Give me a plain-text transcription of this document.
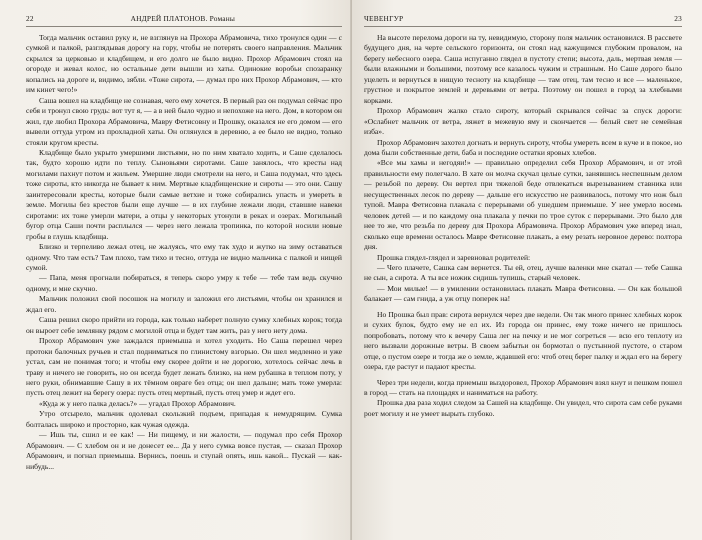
22	АНДРЕЙ ПЛАТОНОВ. Романы

Тогда мальчик оставил руку и, не взглянув на Прохора Абрамовича, тихо тронулся один — с сумкой и палкой, разглядывая дорогу на гору, чтобы не потерять своего направления. Мальчик скрылся за церковью и кладбищем, и его долго не было видно. Прохор Абрамович стоял на огороде и жевал колос, но остальные дети вышли из хаты. Одинокие воробьи спозаранку копались на дороге и, видимо, зябли. «Тоже сирота, — думал про них Прохор Абрамович, — кто им кинет чего!»

Саша вошел на кладбище не сознавая, чего ему хочется. В первый раз он подумал сейчас про себя и тронул свою грудь: вот тут я, — а в ней было чудно и непохоже на него. Дом, в котором он жил, где любил Прохора Абрамовича, Мавру Фетисовну и Прошку, оказался не его домом — его вывели оттуда утром из прохладной хаты. Он оглянулся в деревню, а ее было не видно, только стояли кругом кресты.

Кладбище было укрыто умершими листьями, но по ним хватало ходить, и Саше сделалось так, будто хорошо идти по теплу. Сыновьями сиротами. Саше занялось, что кресты над могилами пахнут потом и жильем. Умершие люди смотрели на него, и Саша подумал, что здесь тоже сироты, кто никогда не бывает к ним. Мертвые кладбищенские и сироты — это они. Сашу заинтересовали кресты, которые были самые ветхие и тоже собирались упасть и умереть в земле. Могилы без крестов были еще лучше — в их глубине лежали люди, ставшие навеки сиротами: их тоже умерли матери, а отцы у некоторых утонули в реках и озерах. Могильный бугор отца Саши почти расплылся — через него лежала тропинка, по которой носили новые гробы в глушь кладбища.

Близко и терпеливо лежал отец, не жалуясь, что ему так худо и жутко на зиму оставаться одному. Что там есть? Там плохо, там тихо и тесно, оттуда не видно мальчика с палкой и нищей сумой.

— Папа, меня прогнали побираться, я теперь скоро умру к тебе — тебе там ведь скучно одному, и мне скучно.

Мальчик положил свой посошок на могилу и заложил его листьями, чтобы он хранился и ждал его.

Саша решил скоро прийти из города, как только наберет полную сумку хлебных корок; тогда он выроет себе землянку рядом с могилой отца и будет там жить, раз у него нету дома.

Прохор Абрамович уже заждался приемыша и хотел уходить. Но Саша перешел через протоки балочных ручьев и стал подниматься по глинистому взгорью. Он шел медленно и уже устал, сам не понимая того; и чтобы ему скорее дойти и не дорогою, хотелось сейчас лечь в траву и ничего не говорить, но он всегда будет лежать близко, на нем рубашка в теплом поту, у него руки, обнимавшие Сашу в их тёмном овраге без отца; он шел дальше; мать тоже умерла: пусть отец лежит на берегу озера: пусть отец мертвый, пусть отец умер и ждет его.

«Куда ж у него палка делась?» — угадал Прохор Абрамович.

Утро отсырело, мальчик одолевал скользкий подъем, припадая к немудрящим. Сумка болталась широко и просторно, как чужая одежда.

— Ишь ты, сшил и ее как! — Ни пищему, и ни жалости, — подумал про себя Прохор Абрамович. — С хлебом он и не донесет ее... Да у него сумка вовсе пустая, — сказал Прохор Абрамович, и погнал приемыша. Вернись, поешь и ступай опять, ишь какой... Пускай — как-нибудь...

ЧЕВЕНГУР	23

На высоте перелома дороги на ту, невидимую, сторону поля мальчик остановился. В рассвете будущего дня, на черте сельского горизонта, он стоял над кажущимся глубоким провалом, на берегу небесного озера. Саша испуганно глядел в пустоту степи; высота, даль, мертвая земля — были влажными и большими, поэтому все казалось чужим и страшным. Но Саше дорого было уцелеть и вернуться в нищую тесноту на кладбище — там отец, там тесно и все — маленькое, грустное и покрытое землей и деревьями от ветра. Поэтому он пошел в город за хлебными корками.

Прохор Абрамович жалко стало сироту, который скрывался сейчас за спуск дороги: «Ослабнет мальчик от ветра, ляжет в межевую яму и скончается — белый свет не семейная изба».

Прохор Абрамович захотел догнать и вернуть сироту, чтобы умереть всем в куче и в покое, но дома были собственные дети, баба и последние остатки яровых хлебов.

«Все мы хамы и негодяи!» — правильно определил себя Прохор Абрамович, и от этой правильности ему полегчало. В хате он молча скучал целые сутки, занявшись неспешным делом — резьбой по дереву. Он вертел при тяжелой беде отвлекаться вырезыванием ставника или несущественных лесок по дереву — дальше его искусство не развивалось, потому что нож был тупой. Мавра Фетисовна плакала с перерывами об ушедшем приемыше. У нее умерло восемь человек детей — и по каждому она плакала у печки по трое суток с перерывами. Это было для нее то же, что резьба по дереву для Прохора Абрамовича. Прохор Абрамович уже вперед знал, сколько еще времени осталось Мавре Фетисовне плакать, а ему резать неровное дерево: полтора дня.

Прошка глядел-глядел и заревновал родителей:

— Чего плачете, Сашка сам вернется. Ты ей, отец, лучше валенки мне скатал — тебе Сашка не сын, а сирота. А ты все ножик сидишь тупишь, старый человек.

— Мои милые! — в умилении остановилась плакать Мавра Фетисовна. — Он как большой балакает — сам гнида, а уж отцу поперек на!

Но Прошка был прав: сирота вернулся через две недели. Он так много принес хлебных корок и сухих булок, будто ему не ел их. Из города он принес, ему тоже ничего не пришлось попробовать, потому что к вечеру Саша лег на печку и не мог согреться — всю его теплоту из него вызвали дорожные ветры. В своем забытьи он бормотал о пустынной пустоте, о старом отце, о пустом озере и тогда же о земле, ждавшей его: чтоб отец берег палку и ждал его на берегу озера, где растут и падают кресты.

Через три недели, когда приемыш выздоровел, Прохор Абрамович взял кнут и пешком пошел в город — стать на площадях и наниматься на работу.

Прошка два раза ходил следом за Сашей на кладбище. Он увидел, что сирота сам себе руками роет могилу и не умеет вырыть глубоко.
